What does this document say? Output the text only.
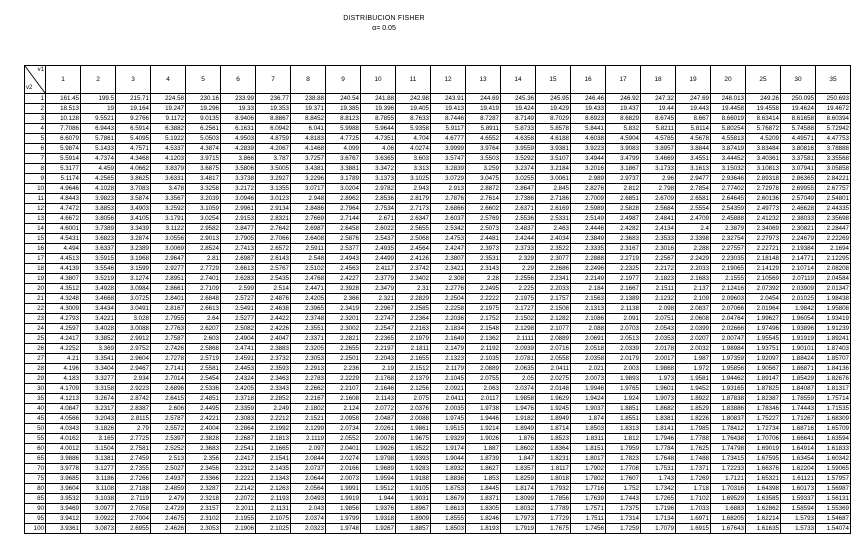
DISTRIBUCION FISHER
α= 0.05
v1
v2	1	2	3	4	5	6	7	8	9	10	11	12	13	14	15	16	17	18	19	20	25	30	35
1	161.45	199.5	215.71	224.58	230.16	233.99	236.77	238.88	240.54	241.88	242.98	243.91	244.69	245.36	245.95	246.46	246.92	247.32	247.69	248.013	249.26	250.095	250.693
2	18.513	19	19.164	19.247	19.296	19.33	19.353	19.371	19.385	19.396	19.405	19.413	19.419	19.424	19.429	19.433	19.437	19.44	19.443	19.4458	19.4558	19.4624	19.4672
3	10.128	9.5521	9.2766	9.1172	9.0135	8.9406	8.8867	8.8452	8.8123	8.7855	8.7633	8.7446	8.7287	8.7149	8.7029	8.6923	8.6829	8.6745	8.667	8.66019	8.63414	8.61658	8.60394
4	7.7086	6.9443	6.5914	6.3882	6.2561	6.1631	6.0942	6.041	5.9988	5.9644	5.9358	5.9117	5.8911	5.8733	5.8578	5.8441	5.832	5.8211	5.8114	5.80254	5.76872	5.74588	5.72942
5	6.6079	5.7861	5.4095	5.1922	5.0503	4.9503	4.8759	4.8183	4.7725	4.7351	4.704	4.6777	4.6552	4.6358	4.6188	4.6038	4.5904	4.5785	4.5678	4.55813	4.5209	4.49571	4.47753
6	5.9874	5.1433	4.7571	4.5337	4.3874	4.2839	4.2067	4.1468	4.099	4.06	4.0274	3.9999	3.9764	3.9559	3.9381	3.9223	3.9083	3.8957	3.8844	3.87419	3.83484	3.80816	3.78888
7	5.5914	4.7374	4.3468	4.1203	3.9715	3.866	3.787	3.7257	3.6767	3.6365	3.603	3.5747	3.5503	3.5292	3.5107	3.4944	3.4799	3.4669	3.4551	3.44452	3.40361	3.37581	3.35568
8	5.3177	4.459	4.0662	3.8379	3.6875	3.5806	3.5005	3.4381	3.3881	3.3472	3.313	3.2839	3.259	3.2374	3.2184	3.2016	3.1867	3.1733	3.1613	3.15032	3.10813	3.07941	3.05858
9	5.1174	4.2565	3.8625	3.6331	3.4817	3.3738	3.2927	3.2296	3.1789	3.1373	3.1025	3.0729	3.0475	3.0255	3.0061	2.989	2.9737	2.96	2.9477	2.93646	2.89318	2.86365	2.84221
10	4.9646	4.1028	3.7083	3.478	3.3258	3.2172	3.1355	3.0717	3.0204	2.9782	2.943	2.913	2.8872	2.8647	2.845	2.8276	2.812	2.798	2.7854	2.77402	2.72978	2.69955	2.67757
11	4.8443	3.9823	3.5874	3.3567	3.2039	3.0946	3.0123	2.948	2.8962	2.8536	2.8179	2.7876	2.7614	2.7386	2.7186	2.7009	2.6851	2.6709	2.6581	2.64645	2.60136	2.57049	2.54801
12	4.7472	3.8853	3.4903	3.2592	3.1059	2.9961	2.9134	2.8486	2.7964	2.7534	2.7173	2.6866	2.6602	2.6371	2.6169	2.5989	2.5828	2.5684	2.5554	2.54359	2.49773	2.46628	2.44335
13	4.6672	3.8056	3.4105	3.1791	3.0254	2.9153	2.8321	2.7669	2.7144	2.671	2.6347	2.6037	2.5769	2.5536	2.5331	2.5149	2.4987	2.4841	2.4709	2.45888	2.41232	2.38033	2.35698
14	4.6001	3.7389	3.3439	3.1122	2.9582	2.8477	2.7642	2.6987	2.6458	2.6022	2.5655	2.5342	2.5073	2.4837	2.463	2.4446	2.4282	2.4134	2.4	2.3879	2.34069	2.30821	2.28447
15	4.5431	3.6823	3.2874	3.0556	2.9013	2.7905	2.7066	2.6408	2.5876	2.5437	2.5068	2.4753	2.4481	2.4244	2.4034	2.3849	2.3683	2.3533	2.3398	2.32754	2.27973	2.24679	2.22269
16	4.494	3.6337	3.2389	3.0069	2.8524	2.7413	2.6572	2.5911	2.5377	2.4935	2.4564	2.4247	2.3973	2.3733	2.3522	2.3335	2.3167	2.3016	2.288	2.27557	2.22721	2.19384	2.1694
17	4.4513	3.5915	3.1968	2.9647	2.81	2.6987	2.6143	2.548	2.4943	2.4499	2.4126	2.3807	2.3531	2.329	2.3077	2.2888	2.2719	2.2567	2.2429	2.23035	2.18148	2.14771	2.12295
18	4.4139	3.5546	3.1599	2.9277	2.7729	2.6613	2.5767	2.5102	2.4563	2.4117	2.3742	2.3421	2.3143	2.29	2.2686	2.2496	2.2325	2.2172	2.2033	2.19065	2.14129	2.10714	2.08208
19	4.3807	3.5219	3.1274	2.8951	2.7401	2.6283	2.5435	2.4768	2.4227	2.3779	2.3402	2.308	2.28	2.2556	2.2341	2.2149	2.1977	2.1823	2.1683	2.1555	2.10569	2.07119	2.04584
20	4.3512	3.4928	3.0984	2.8661	2.7109	2.599	2.514	2.4471	2.3928	2.3479	2.31	2.2776	2.2495	2.225	2.2033	2.184	2.1667	2.1511	2.137	2.12416	2.07392	2.03909	2.01347
21	4.3248	3.4668	3.0725	2.8401	2.6848	2.5727	2.4876	2.4205	2.366	2.321	2.2829	2.2504	2.2222	2.1975	2.1757	2.1563	2.1389	2.1232	2.109	2.09603	2.0454	2.01025	1.98438
22	4.3009	3.4434	3.0491	2.8167	2.6613	2.5491	2.4638	2.3965	2.3419	2.2967	2.2585	2.2258	2.1975	2.1727	2.1508	2.1313	2.1138	2.098	2.0837	2.07066	2.01964	1.9842	1.95808
23	4.2793	3.4221	3.028	2.7955	2.64	2.5277	2.4422	2.3748	2.3201	2.2747	2.2364	2.2036	2.1752	2.1502	2.1282	2.1086	2.091	2.0751	2.0608	2.04764	1.99627	1.96054	1.93419
24	4.2597	3.4028	3.0088	2.7763	2.6207	2.5082	2.4226	2.3551	2.3002	2.2547	2.2163	2.1834	2.1548	2.1298	2.1077	2.088	2.0703	2.0543	2.0399	2.02666	1.97496	1.93896	1.91239
25	4.2417	3.3852	2.9912	2.7587	2.603	2.4904	2.4047	2.3371	2.2821	2.2365	2.1979	2.1649	2.1362	2.1111	2.0889	2.0691	2.0513	2.0353	2.0207	2.00747	1.95545	1.91919	1.89241
26	4.2252	3.369	2.9752	2.7426	2.5868	2.4741	2.3883	2.3205	2.2655	2.2197	2.1811	2.1479	2.1192	2.0939	2.0716	2.0518	2.0339	2.0178	2.0032	1.98984	1.93751	1.90101	1.87403
27	4.21	3.3541	2.9604	2.7278	2.5719	2.4591	2.3732	2.3053	2.2501	2.2043	2.1655	2.1323	2.1035	2.0781	2.0558	2.0358	2.0179	2.0017	1.987	1.97359	1.92097	1.88424	1.85707
28	4.196	3.3404	2.9467	2.7141	2.5581	2.4453	2.3593	2.2913	2.236	2.19	2.1512	2.1179	2.0889	2.0635	2.0411	2.021	2.003	1.9868	1.972	1.95856	1.90567	1.86871	1.84136
29	4.183	3.3277	2.934	2.7014	2.5454	2.4324	2.3463	2.2783	2.2229	2.1768	2.1379	2.1045	2.0755	2.05	2.0275	2.0073	1.9893	1.973	1.9581	1.94462	1.89147	1.85429	1.82676
30	4.1709	3.3158	2.9223	2.6896	2.5336	2.4205	2.3343	2.2662	2.2107	2.1646	2.1256	2.0921	2.063	2.0374	2.0148	1.9946	1.9765	1.9601	1.9452	1.93165	1.87825	1.84087	1.81317
35	4.1213	3.2674	2.8742	2.6415	2.4851	2.3718	2.2852	2.2167	2.1608	2.1143	2.075	2.0411	2.0117	1.9858	1.9629	1.9424	1.924	1.9073	1.8922	1.87838	1.82387	1.78559	1.75714
40	4.0847	3.2317	2.8387	2.606	2.4495	2.3359	2.249	2.1802	2.124	2.0772	2.0376	2.0035	1.9738	1.9476	1.9245	1.9037	1.8851	1.8682	1.8529	1.83886	1.78346	1.74443	1.71535
45	4.0566	3.2043	2.8115	2.5787	2.4221	2.3083	2.2212	2.1521	2.0958	2.0487	2.0088	1.9745	1.9446	1.9182	1.8949	1.874	1.8551	1.8381	1.8226	1.80837	1.75227	1.71267	1.68309
50	4.0343	3.1826	2.79	2.5572	2.4004	2.2864	2.1992	2.1299	2.0734	2.0261	1.9861	1.9515	1.9214	1.8949	1.8714	1.8503	1.8313	1.8141	1.7985	1.78412	1.72734	1.68716	1.65709
55	4.0162	3.165	2.7725	2.5397	2.3828	2.2687	2.1813	2.1119	2.0552	2.0078	1.9675	1.9329	1.9026	1.876	1.8523	1.8311	1.812	1.7946	1.7788	1.76438	1.70706	1.66641	1.63594
60	4.0012	3.1504	2.7581	2.5252	2.3683	2.2541	2.1665	2.097	2.0401	1.9926	1.9522	1.9174	1.887	1.8602	1.8364	1.8151	1.7959	1.7784	1.7625	1.74798	1.69019	1.64914	1.61833
65	3.9886	3.1381	2.7459	2.513	2.356	2.2417	2.1541	2.0844	2.0274	1.9798	1.9393	1.9044	1.8739	1.847	1.8231	1.8017	1.7823	1.7648	1.7488	1.73415	1.67595	1.63454	1.60342
70	3.9778	3.1277	2.7355	2.5027	2.3456	2.2312	2.1435	2.0737	2.0166	1.9689	1.9283	1.8932	1.8627	1.8357	1.8117	1.7902	1.7708	1.7531	1.7371	1.72233	1.66376	1.62204	1.59065
75	3.9685	3.1186	2.7266	2.4937	2.3366	2.2221	2.1343	2.0644	2.0073	1.9594	1.9188	1.8836	1.853	1.8259	1.8018	1.7802	1.7607	1.743	1.7269	1.7121	1.65321	1.61121	1.57957
80	3.9604	3.1108	2.7188	2.4859	2.3287	2.2142	2.1263	2.0564	1.9991	1.9512	1.9105	1.8753	1.8445	1.8174	1.7932	1.7716	1.752	1.7342	1.718	1.70316	1.64398	1.60173	1.56987
85	3.9532	3.1038	2.7119	2.479	2.3218	2.2072	2.1193	2.0493	1.9919	1.944	1.9031	1.8679	1.8371	1.8099	1.7856	1.7639	1.7443	1.7265	1.7102	1.69529	1.63585	1.59337	1.56131
90	3.9469	3.0977	2.7058	2.4729	2.3157	2.2011	2.1131	2.043	1.9856	1.9376	1.8967	1.8613	1.8305	1.8032	1.7789	1.7571	1.7375	1.7196	1.7033	1.6883	1.62862	1.58594	1.55369
95	3.9412	3.0922	2.7004	2.4675	2.3102	2.1955	2.1075	2.0374	1.9799	1.9318	1.8909	1.8555	1.8246	1.7973	1.7729	1.7511	1.7314	1.7134	1.6971	1.68205	1.62214	1.5793	1.54687
100	3.9361	3.0873	2.6955	2.4626	2.3053	2.1906	2.1025	2.0323	1.9748	1.9267	1.8857	1.8503	1.8193	1.7919	1.7675	1.7456	1.7259	1.7079	1.6915	1.67643	1.61635	1.5733	1.54074
